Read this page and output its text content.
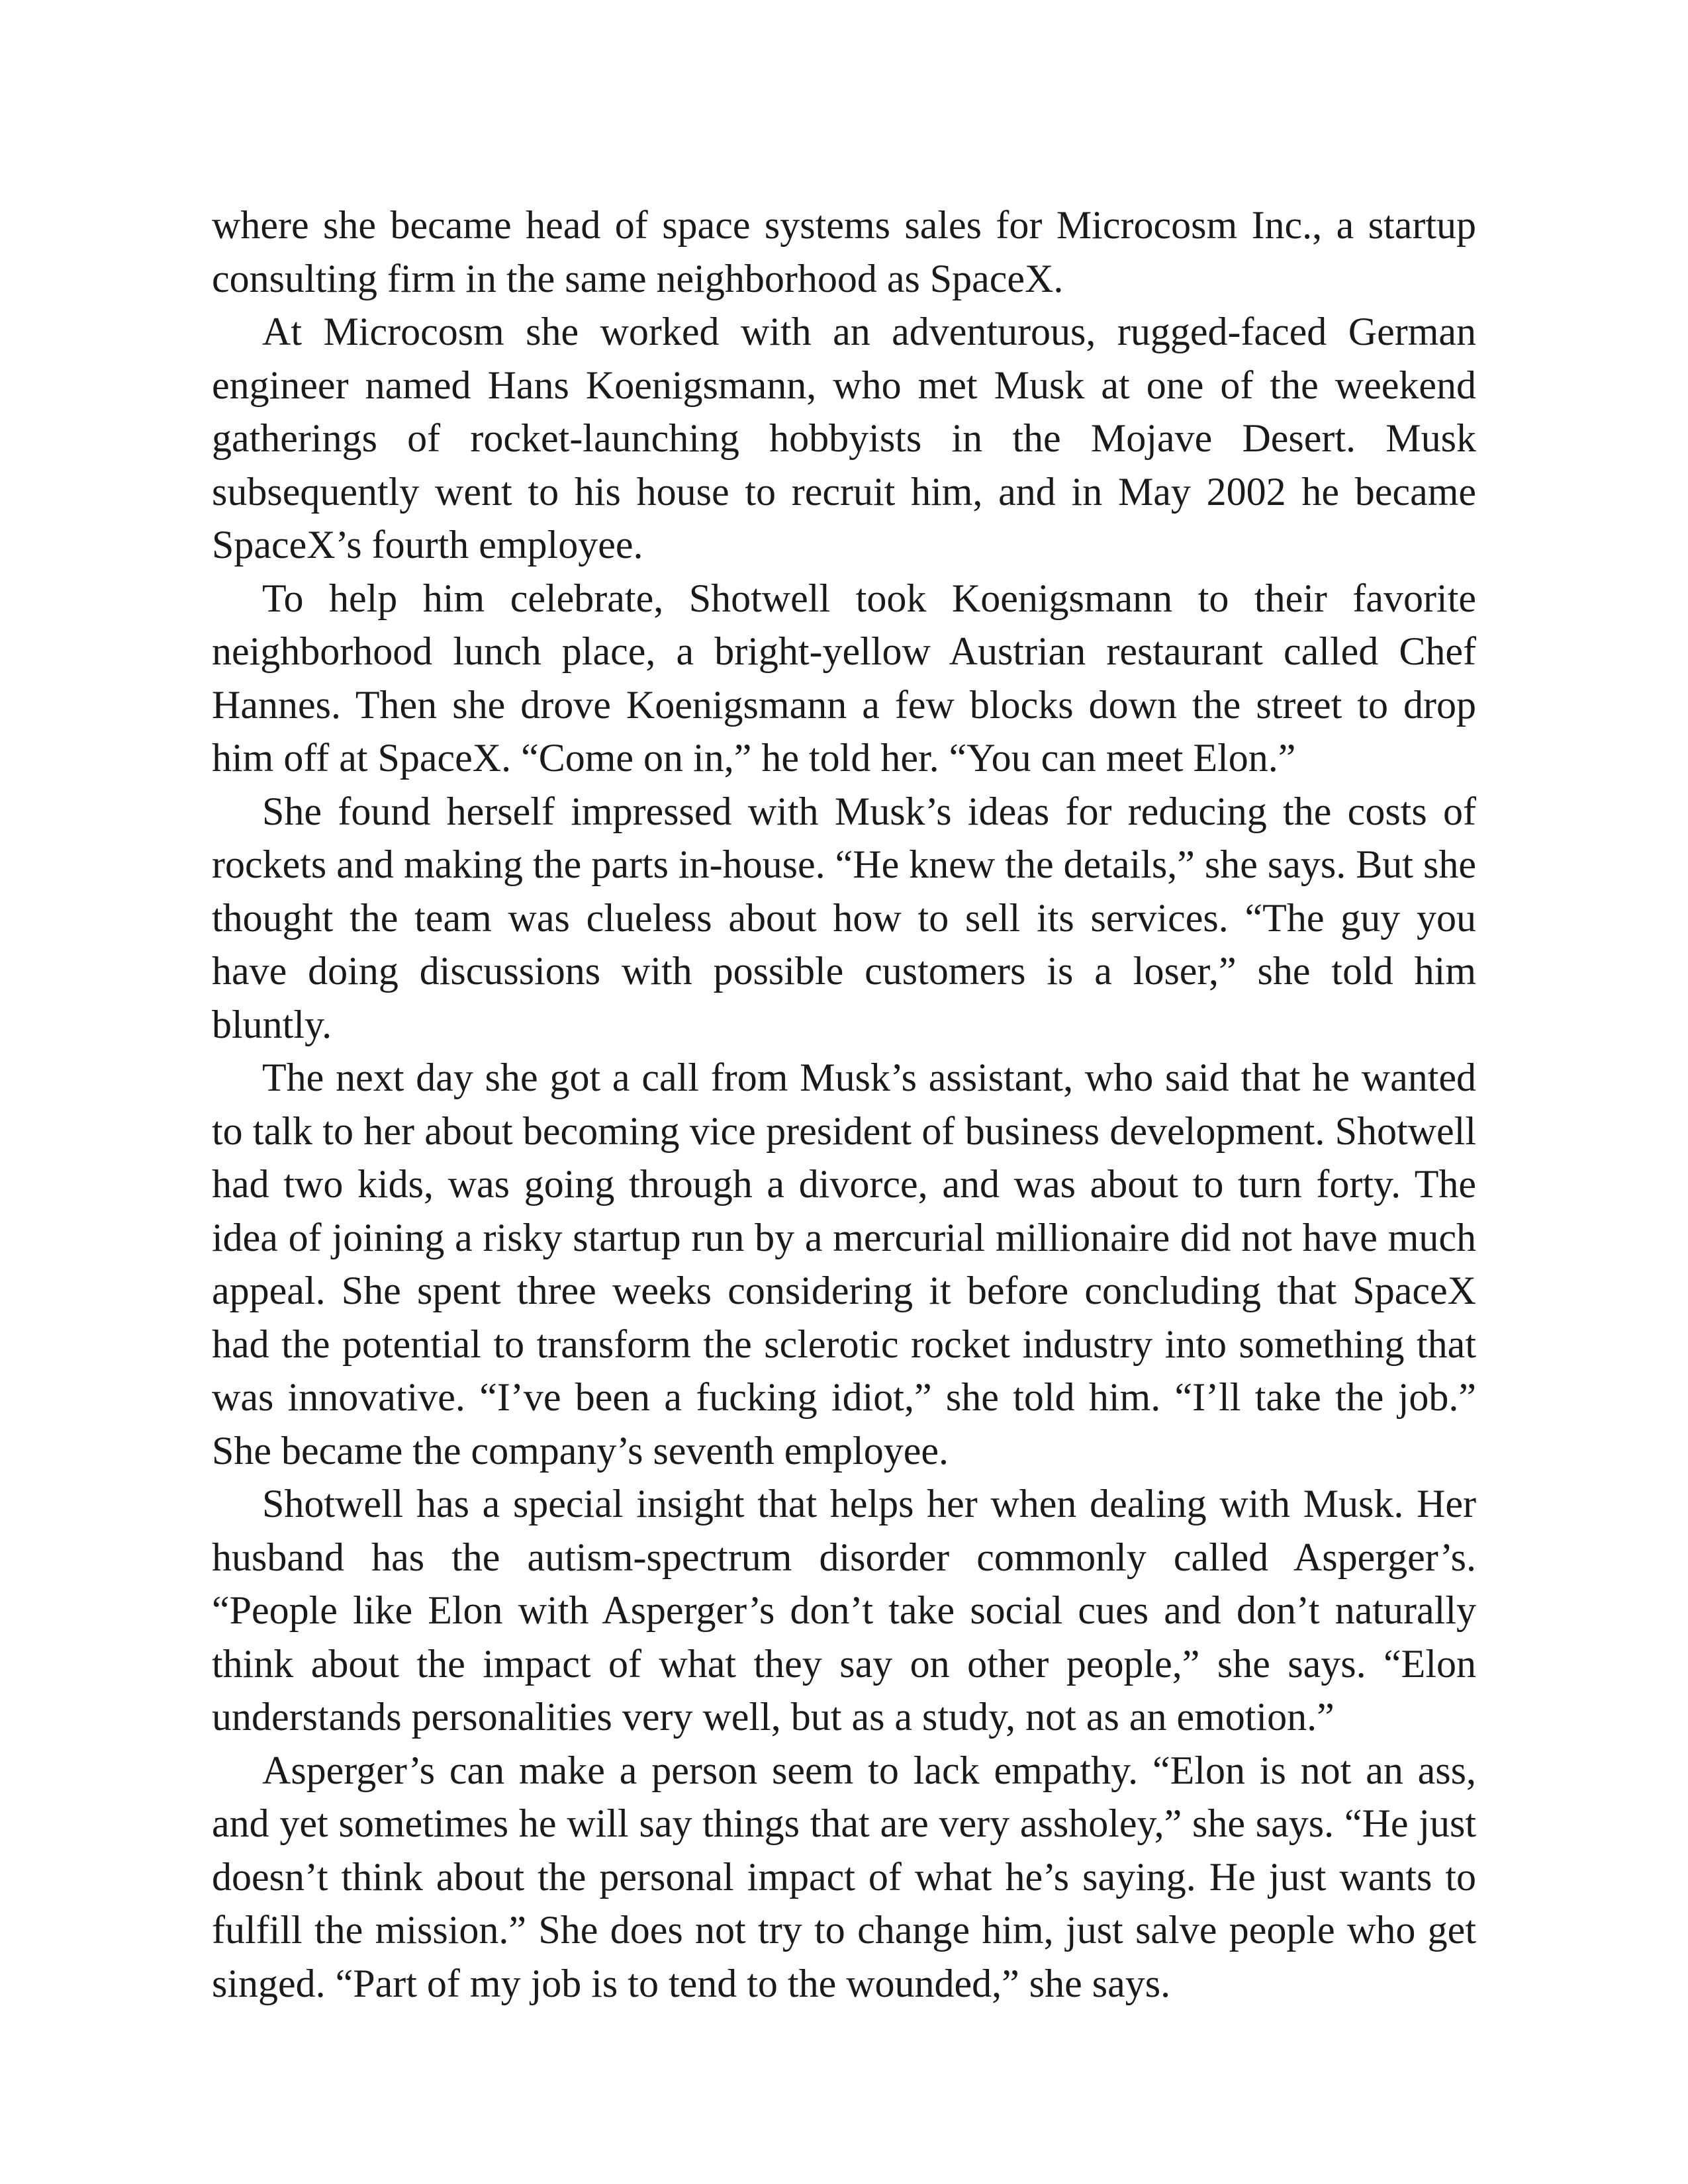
where she became head of space systems sales for Microcosm Inc., a startup consulting firm in the same neighborhood as SpaceX.

At Microcosm she worked with an adventurous, rugged-faced German engineer named Hans Koenigsmann, who met Musk at one of the weekend gatherings of rocket-launching hobbyists in the Mojave Desert. Musk subsequently went to his house to recruit him, and in May 2002 he became SpaceX’s fourth employee.

To help him celebrate, Shotwell took Koenigsmann to their favorite neighborhood lunch place, a bright-yellow Austrian restaurant called Chef Hannes. Then she drove Koenigsmann a few blocks down the street to drop him off at SpaceX. “Come on in,” he told her. “You can meet Elon.”

She found herself impressed with Musk’s ideas for reducing the costs of rockets and making the parts in-house. “He knew the details,” she says. But she thought the team was clueless about how to sell its services. “The guy you have doing discussions with possible customers is a loser,” she told him bluntly.

The next day she got a call from Musk’s assistant, who said that he wanted to talk to her about becoming vice president of business development. Shotwell had two kids, was going through a divorce, and was about to turn forty. The idea of joining a risky startup run by a mercurial millionaire did not have much appeal. She spent three weeks considering it before concluding that SpaceX had the potential to transform the sclerotic rocket industry into something that was innovative. “I’ve been a fucking idiot,” she told him. “I’ll take the job.” She became the company’s seventh employee.

Shotwell has a special insight that helps her when dealing with Musk. Her husband has the autism-spectrum disorder commonly called Asperger’s. “People like Elon with Asperger’s don’t take social cues and don’t naturally think about the impact of what they say on other people,” she says. “Elon understands personalities very well, but as a study, not as an emotion.”

Asperger’s can make a person seem to lack empathy. “Elon is not an ass, and yet sometimes he will say things that are very assholey,” she says. “He just doesn’t think about the personal impact of what he’s saying. He just wants to fulfill the mission.” She does not try to change him, just salve people who get singed. “Part of my job is to tend to the wounded,” she says.
